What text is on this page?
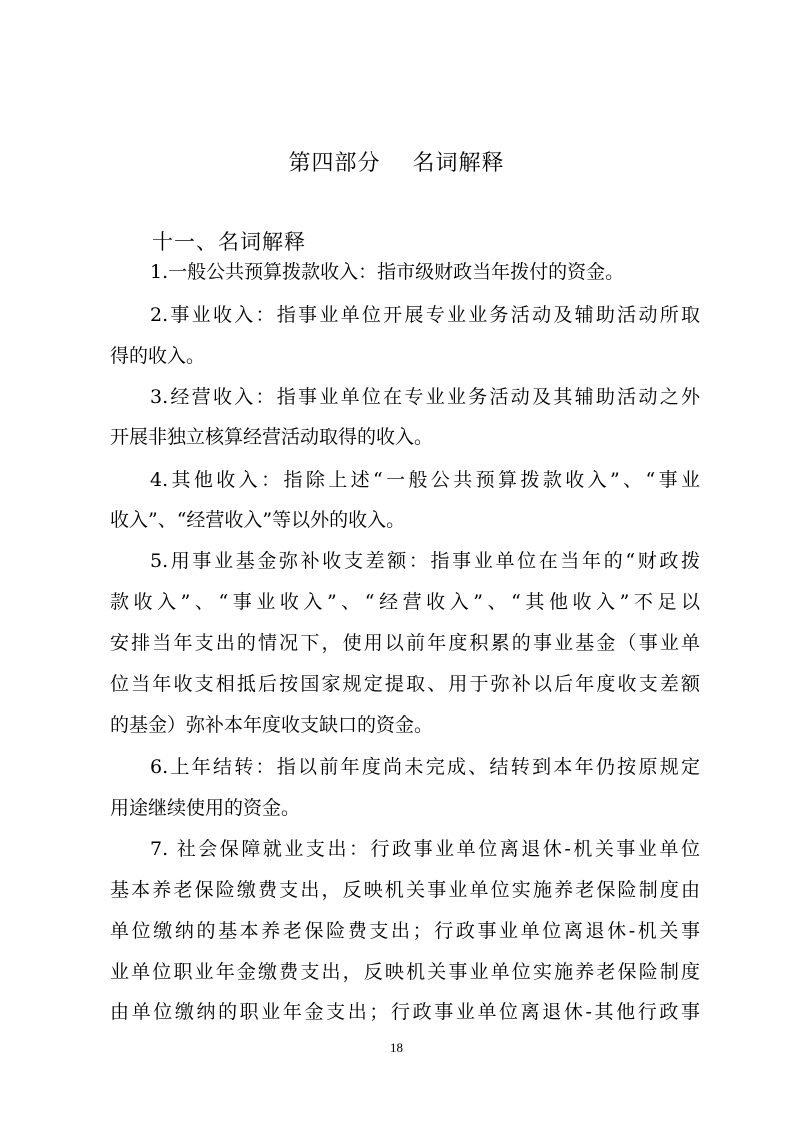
第四部分    名词解释
十一、名词解释
1.一般公共预算拨款收入：指市级财政当年拨付的资金。
2.事业收入：指事业单位开展专业业务活动及辅助活动所取
得的收入。
3.经营收入：指事业单位在专业业务活动及其辅助活动之外
开展非独立核算经营活动取得的收入。
4.其他收入：指除上述“一般公共预算拨款收入”、“事业
收入”、“经营收入”等以外的收入。
5.用事业基金弥补收支差额：指事业单位在当年的“财政拨
款收入”、“事业收入”、“经营收入”、“其他收入”不足以
安排当年支出的情况下，使用以前年度积累的事业基金（事业单
位当年收支相抵后按国家规定提取、用于弥补以后年度收支差额
的基金）弥补本年度收支缺口的资金。
6.上年结转：指以前年度尚未完成、结转到本年仍按原规定
用途继续使用的资金。
7. 社会保障就业支出：行政事业单位离退休-机关事业单位
基本养老保险缴费支出，反映机关事业单位实施养老保险制度由
单位缴纳的基本养老保险费支出；行政事业单位离退休-机关事
业单位职业年金缴费支出，反映机关事业单位实施养老保险制度
由单位缴纳的职业年金支出；行政事业单位离退休-其他行政事
18
